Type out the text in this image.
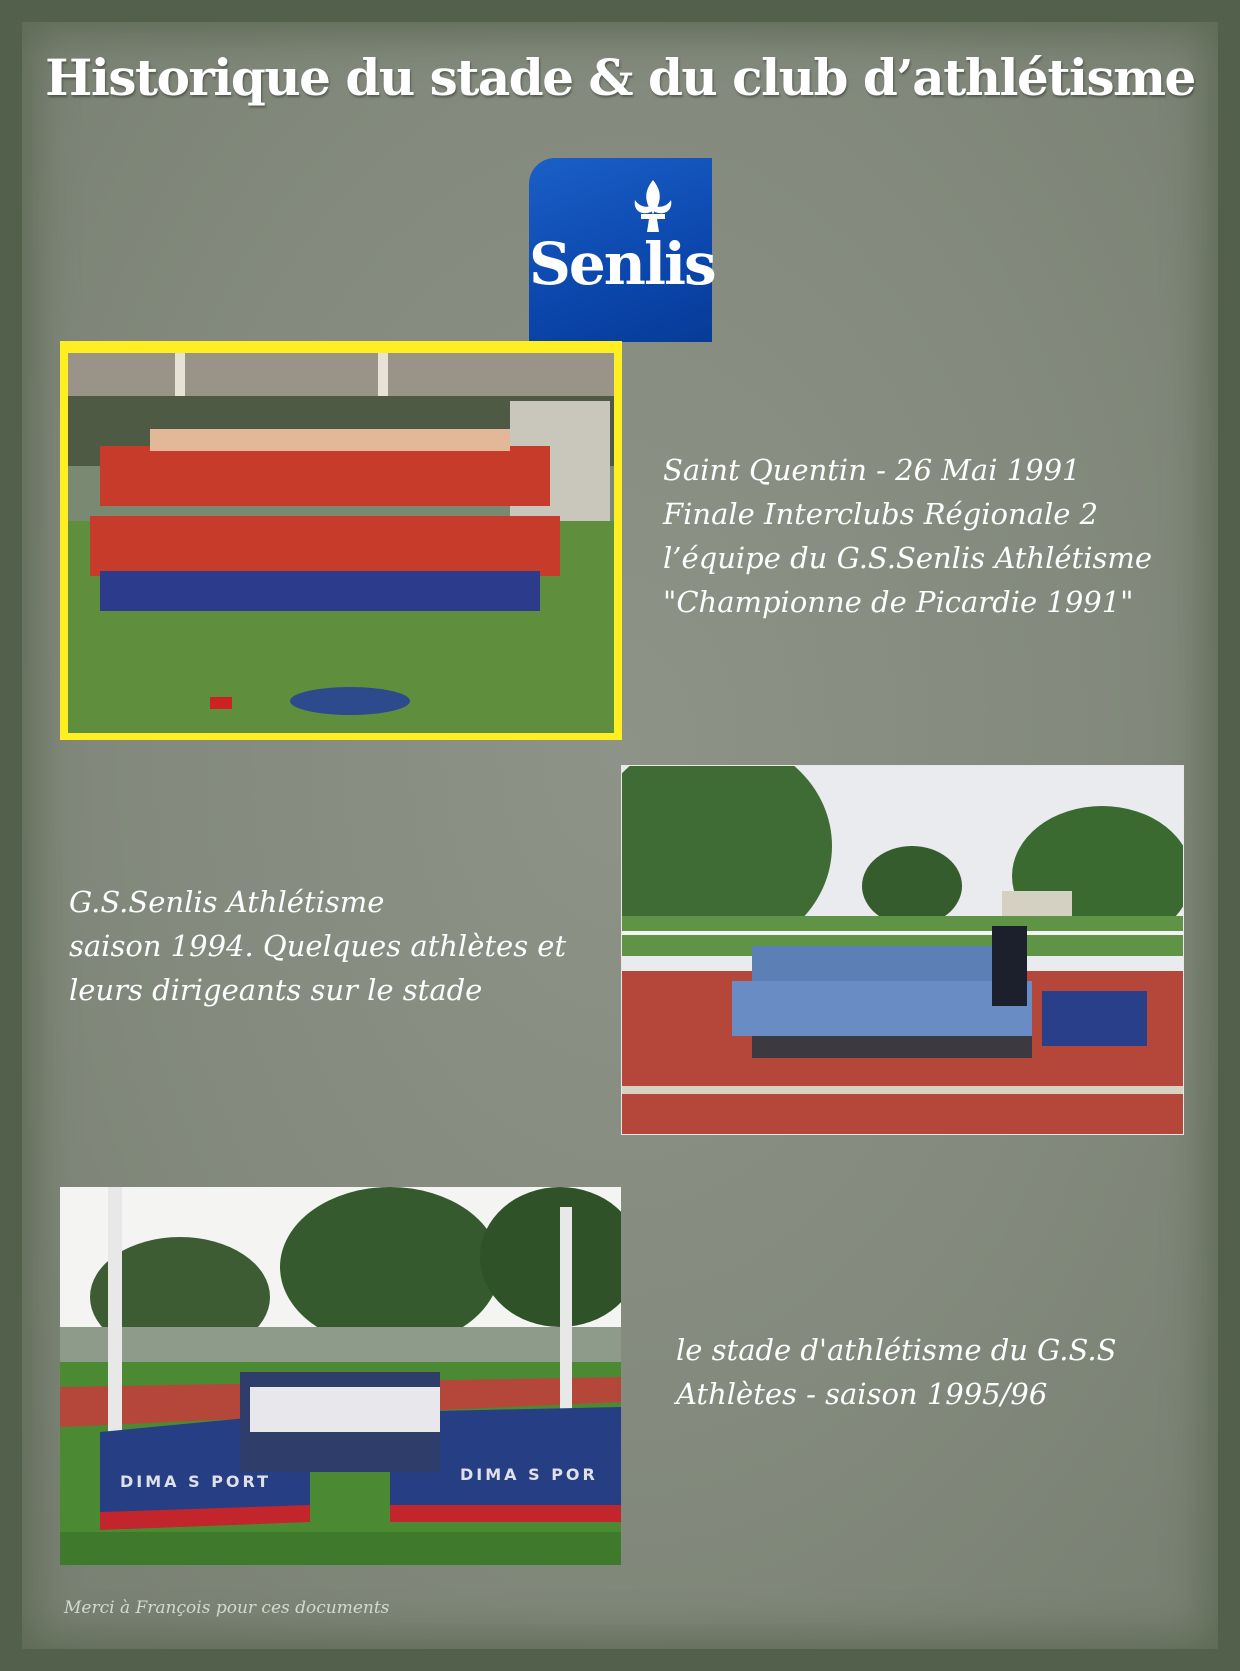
Historique du stade & du club d’athlétisme
Senlis
Saint Quentin - 26 Mai 1991
Finale Interclubs Régionale 2
l’équipe du G.S.Senlis Athlétisme
"Championne de Picardie 1991"
G.S.Senlis Athlétisme
saison 1994. Quelques athlètes et
leurs dirigeants sur le stade
DIMA S PORT	DIMA S POR
le stade d'athlétisme du G.S.S
Athlètes - saison 1995/96
Merci à François pour ces documents
